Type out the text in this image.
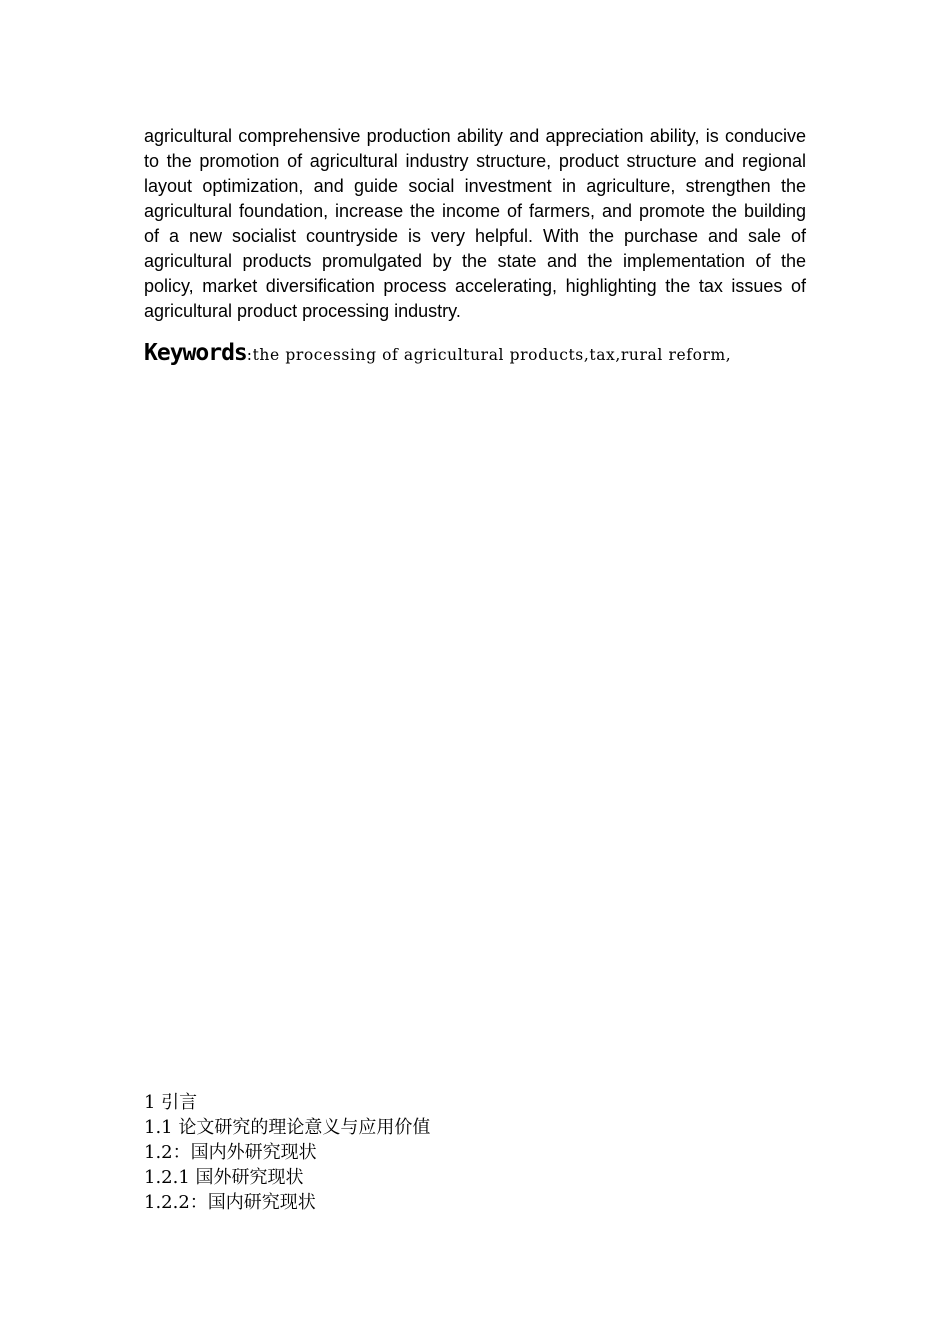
agricultural comprehensive production ability and appreciation ability, is conducive to the promotion of agricultural industry structure, product structure and regional layout optimization, and guide social investment in agriculture, strengthen the agricultural foundation, increase the income of farmers, and promote the building of a new socialist countryside is very helpful. With the purchase and sale of agricultural products promulgated by the state and the implementation of the policy, market diversification process accelerating, highlighting the tax issues of agricultural product processing industry.

Keywords:the processing of agricultural products,tax,rural reform,

1 引言
1.1 论文研究的理论意义与应用价值
1.2：国内外研究现状
1.2.1 国外研究现状
1.2.2：国内研究现状
